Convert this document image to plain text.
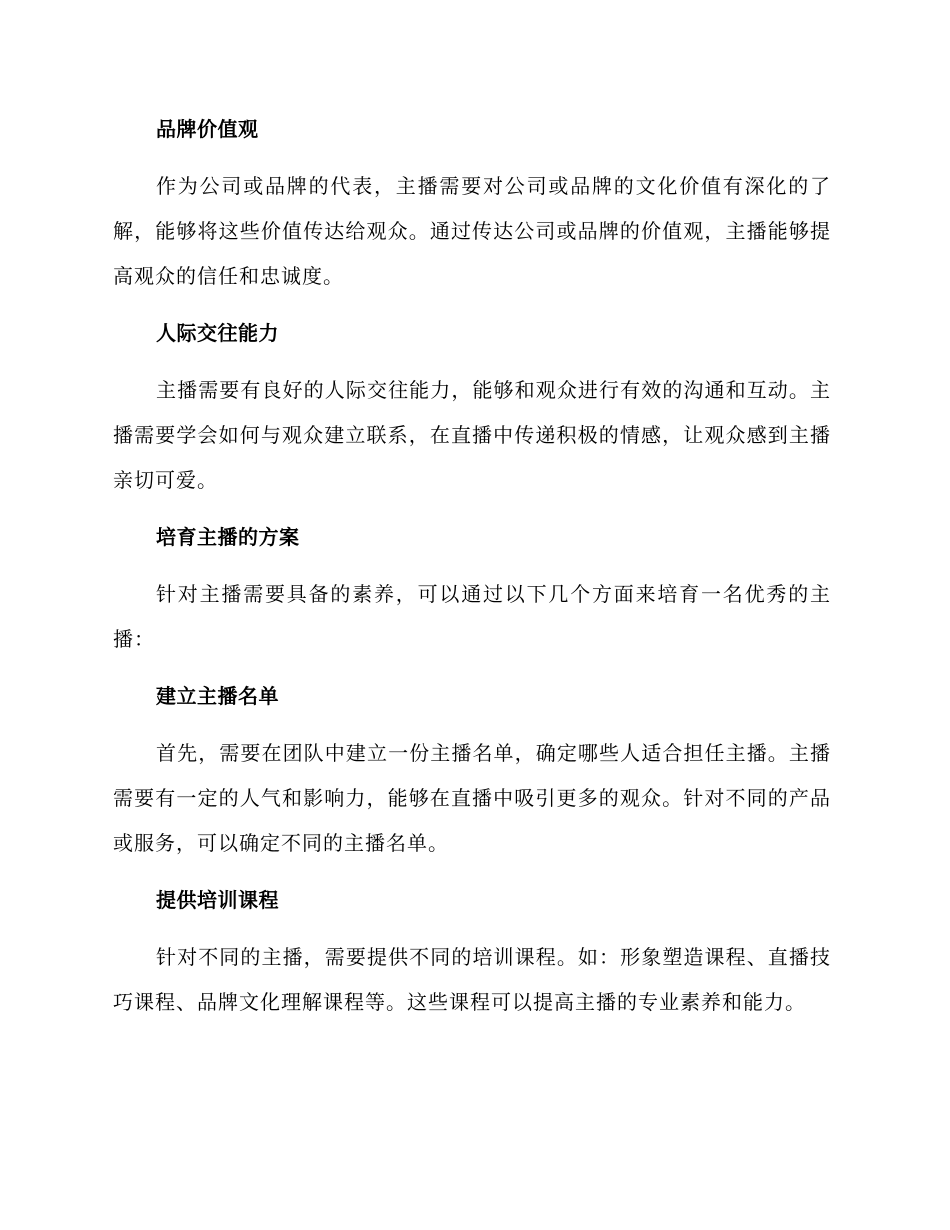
品牌价值观
作为公司或品牌的代表，主播需要对公司或品牌的文化价值有深化的了解，能够将这些价值传达给观众。通过传达公司或品牌的价值观，主播能够提高观众的信任和忠诚度。
人际交往能力
主播需要有良好的人际交往能力，能够和观众进行有效的沟通和互动。主播需要学会如何与观众建立联系，在直播中传递积极的情感，让观众感到主播亲切可爱。
培育主播的方案
针对主播需要具备的素养，可以通过以下几个方面来培育一名优秀的主播：
建立主播名单
首先，需要在团队中建立一份主播名单，确定哪些人适合担任主播。主播需要有一定的人气和影响力，能够在直播中吸引更多的观众。针对不同的产品或服务，可以确定不同的主播名单。
提供培训课程
针对不同的主播，需要提供不同的培训课程。如：形象塑造课程、直播技巧课程、品牌文化理解课程等。这些课程可以提高主播的专业素养和能力。
